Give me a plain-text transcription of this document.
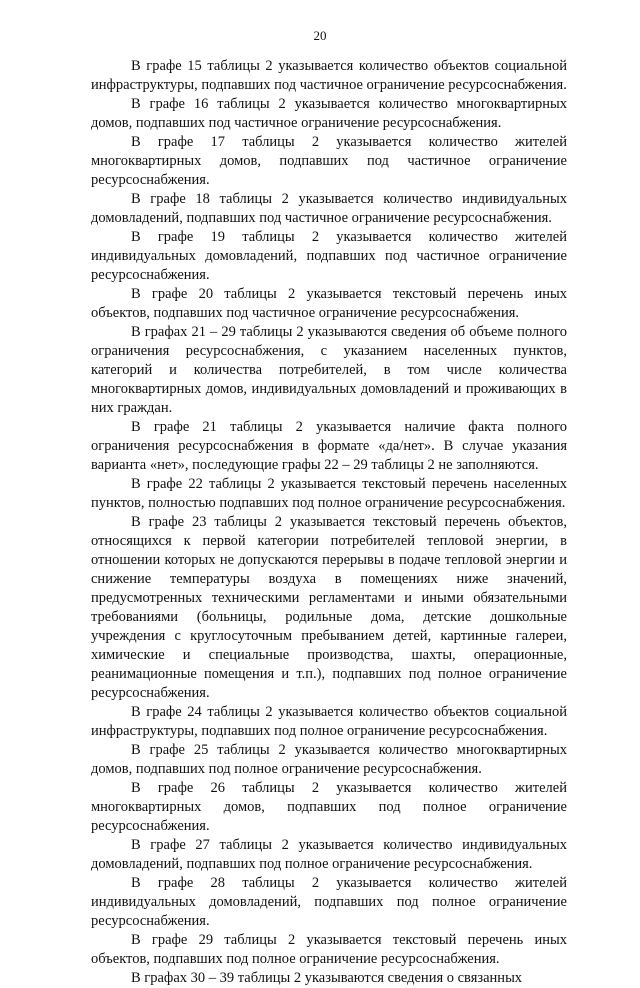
20

В графе 15 таблицы 2 указывается количество объектов социальной инфраструктуры, подпавших под частичное ограничение ресурсоснабжения.

В графе 16 таблицы 2 указывается количество многоквартирных домов, подпавших под частичное ограничение ресурсоснабжения.

В графе 17 таблицы 2 указывается количество жителей многоквартирных домов, подпавших под частичное ограничение ресурсоснабжения.

В графе 18 таблицы 2 указывается количество индивидуальных домовладений, подпавших под частичное ограничение ресурсоснабжения.

В графе 19 таблицы 2 указывается количество жителей индивидуальных домовладений, подпавших под частичное ограничение ресурсоснабжения.

В графе 20 таблицы 2 указывается текстовый перечень иных объектов, подпавших под частичное ограничение ресурсоснабжения.

В графах 21 – 29 таблицы 2 указываются сведения об объеме полного ограничения ресурсоснабжения, с указанием населенных пунктов, категорий и количества потребителей, в том числе количества многоквартирных домов, индивидуальных домовладений и проживающих в них граждан.

В графе 21 таблицы 2 указывается наличие факта полного ограничения ресурсоснабжения в формате «да/нет». В случае указания варианта «нет», последующие графы 22 – 29 таблицы 2 не заполняются.

В графе 22 таблицы 2 указывается текстовый перечень населенных пунктов, полностью подпавших под полное ограничение ресурсоснабжения.

В графе 23 таблицы 2 указывается текстовый перечень объектов, относящихся к первой категории потребителей тепловой энергии, в отношении которых не допускаются перерывы в подаче тепловой энергии и снижение температуры воздуха в помещениях ниже значений, предусмотренных техническими регламентами и иными обязательными требованиями (больницы, родильные дома, детские дошкольные учреждения с круглосуточным пребыванием детей, картинные галереи, химические и специальные производства, шахты, операционные, реанимационные помещения и т.п.), подпавших под полное ограничение ресурсоснабжения.

В графе 24 таблицы 2 указывается количество объектов социальной инфраструктуры, подпавших под полное ограничение ресурсоснабжения.

В графе 25 таблицы 2 указывается количество многоквартирных домов, подпавших под полное ограничение ресурсоснабжения.

В графе 26 таблицы 2 указывается количество жителей многоквартирных домов, подпавших под полное ограничение ресурсоснабжения.

В графе 27 таблицы 2 указывается количество индивидуальных домовладений, подпавших под полное ограничение ресурсоснабжения.

В графе 28 таблицы 2 указывается количество жителей индивидуальных домовладений, подпавших под полное ограничение ресурсоснабжения.

В графе 29 таблицы 2 указывается текстовый перечень иных объектов, подпавших под полное ограничение ресурсоснабжения.

В графах 30 – 39 таблицы 2 указываются сведения о связанных
